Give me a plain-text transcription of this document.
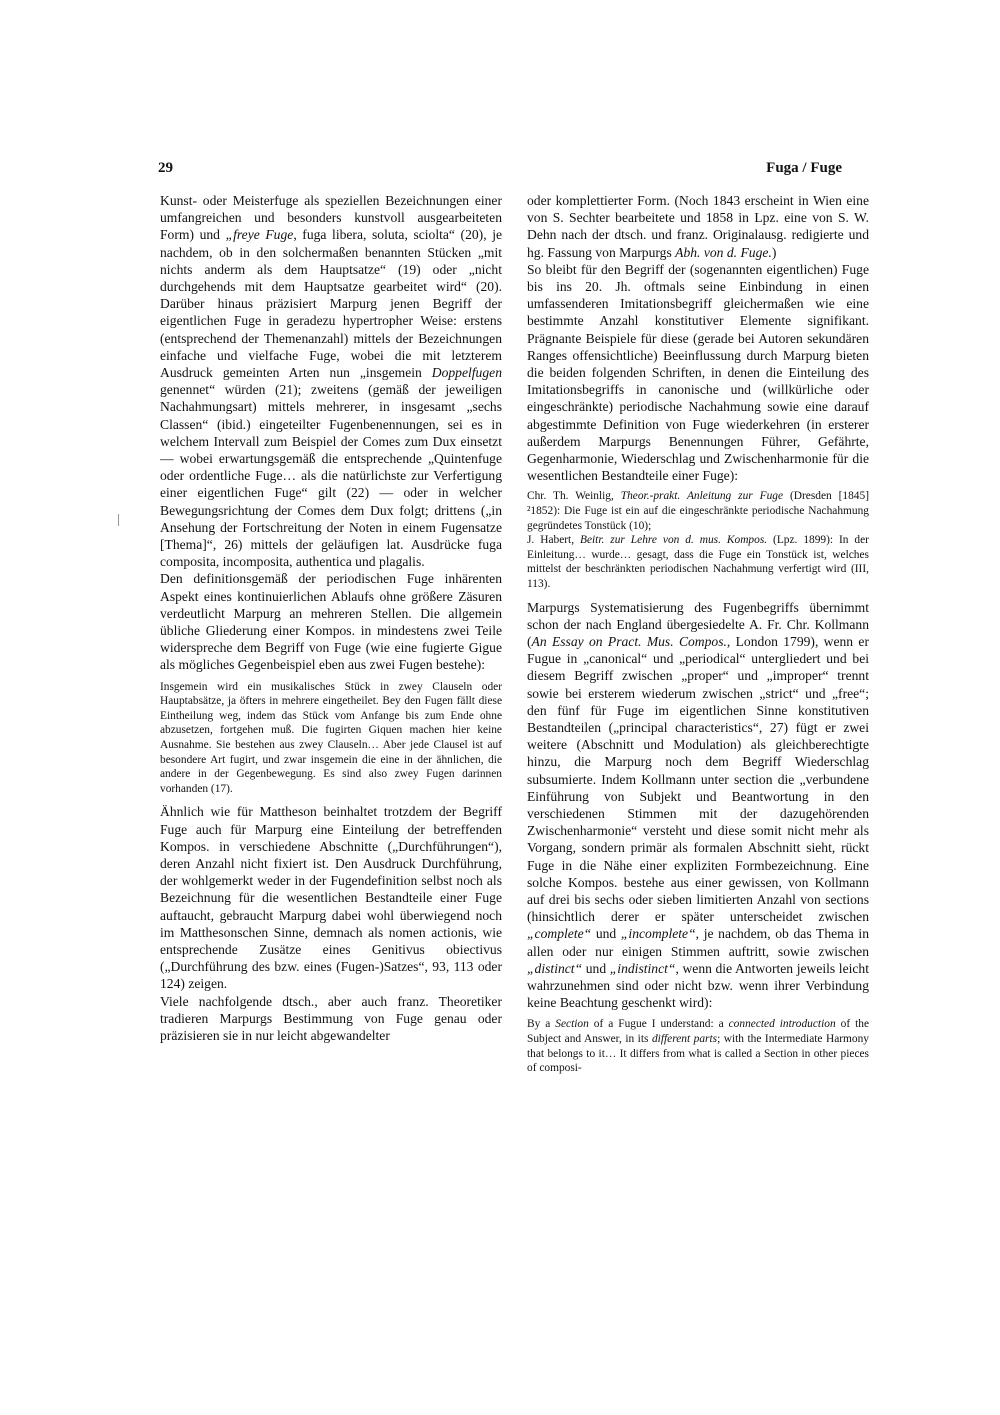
29	Fuga / Fuge

Kunst- oder Meisterfuge als speziellen Bezeichnungen einer umfangreichen und besonders kunstvoll ausgearbeiteten Form) und „freye Fuge, fuga libera, soluta, sciolta“ (20), je nachdem, ob in den solchermaßen benannten Stücken „mit nichts anderm als dem Hauptsatze“ (19) oder „nicht durchgehends mit dem Hauptsatze gearbeitet wird“ (20). Darüber hinaus präzisiert Marpurg jenen Begriff der eigentlichen Fuge in geradezu hypertropher Weise: erstens (entsprechend der Themenanzahl) mittels der Bezeichnungen einfache und vielfache Fuge, wobei die mit letzterem Ausdruck gemeinten Arten nun „insgemein Doppelfugen genennet“ würden (21); zweitens (gemäß der jeweiligen Nachahmungsart) mittels mehrerer, in insgesamt „sechs Classen“ (ibid.) eingeteilter Fugenbenennungen, sei es in welchem Intervall zum Beispiel der Comes zum Dux einsetzt — wobei erwartungsgemäß die entsprechende „Quintenfuge oder ordentliche Fuge… als die natürlichste zur Verfertigung einer eigentlichen Fuge“ gilt (22) — oder in welcher Bewegungsrichtung der Comes dem Dux folgt; drittens („in Ansehung der Fortschreitung der Noten in einem Fugensatze [Thema]“, 26) mittels der geläufigen lat. Ausdrücke fuga composita, incomposita, authentica und plagalis.

Den definitionsgemäß der periodischen Fuge inhärenten Aspekt eines kontinuierlichen Ablaufs ohne größere Zäsuren verdeutlicht Marpurg an mehreren Stellen. Die allgemein übliche Gliederung einer Kompos. in mindestens zwei Teile widerspreche dem Begriff von Fuge (wie eine fugierte Gigue als mögliches Gegenbeispiel eben aus zwei Fugen bestehe):

Insgemein wird ein musikalisches Stück in zwey Clauseln oder Hauptabsätze, ja öfters in mehrere eingetheilet. Bey den Fugen fällt diese Eintheilung weg, indem das Stück vom Anfange bis zum Ende ohne abzusetzen, fortgehen muß. Die fugirten Giquen machen hier keine Ausnahme. Sie bestehen aus zwey Clauseln… Aber jede Clausel ist auf besondere Art fugirt, und zwar insgemein die eine in der ähnlichen, die andere in der Gegenbewegung. Es sind also zwey Fugen darinnen vorhanden (17).

Ähnlich wie für Mattheson beinhaltet trotzdem der Begriff Fuge auch für Marpurg eine Einteilung der betreffenden Kompos. in verschiedene Abschnitte („Durchführungen“), deren Anzahl nicht fixiert ist. Den Ausdruck Durchführung, der wohlgemerkt weder in der Fugendefinition selbst noch als Bezeichnung für die wesentlichen Bestandteile einer Fuge auftaucht, gebraucht Marpurg dabei wohl überwiegend noch im Matthesonschen Sinne, demnach als nomen actionis, wie entsprechende Zusätze eines Genitivus obiectivus („Durchführung des bzw. eines (Fugen-)Satzes“, 93, 113 oder 124) zeigen.

Viele nachfolgende dtsch., aber auch franz. Theoretiker tradieren Marpurgs Bestimmung von Fuge genau oder präzisieren sie in nur leicht abgewandelter

oder komplettierter Form. (Noch 1843 erscheint in Wien eine von S. Sechter bearbeitete und 1858 in Lpz. eine von S. W. Dehn nach der dtsch. und franz. Originalausg. redigierte und hg. Fassung von Marpurgs Abh. von d. Fuge.)

So bleibt für den Begriff der (sogenannten eigentlichen) Fuge bis ins 20. Jh. oftmals seine Einbindung in einen umfassenderen Imitationsbegriff gleichermaßen wie eine bestimmte Anzahl konstitutiver Elemente signifikant. Prägnante Beispiele für diese (gerade bei Autoren sekundären Ranges offensichtliche) Beeinflussung durch Marpurg bieten die beiden folgenden Schriften, in denen die Einteilung des Imitationsbegriffs in canonische und (willkürliche oder eingeschränkte) periodische Nachahmung sowie eine darauf abgestimmte Definition von Fuge wiederkehren (in ersterer außerdem Marpurgs Benennungen Führer, Gefährte, Gegenharmonie, Wiederschlag und Zwischenharmonie für die wesentlichen Bestandteile einer Fuge):

Chr. Th. Weinlig, Theor.-prakt. Anleitung zur Fuge (Dresden [1845] ²1852): Die Fuge ist ein auf die eingeschränkte periodische Nachahmung gegründetes Tonstück (10);

J. Habert, Beitr. zur Lehre von d. mus. Kompos. (Lpz. 1899): In der Einleitung… wurde… gesagt, dass die Fuge ein Tonstück ist, welches mittelst der beschränkten periodischen Nachahmung verfertigt wird (III, 113).

Marpurgs Systematisierung des Fugenbegriffs übernimmt schon der nach England übergesiedelte A. Fr. Chr. Kollmann (An Essay on Pract. Mus. Compos., London 1799), wenn er Fugue in „canonical“ und „periodical“ untergliedert und bei diesem Begriff zwischen „proper“ und „improper“ trennt sowie bei ersterem wiederum zwischen „strict“ und „free“; den fünf für Fuge im eigentlichen Sinne konstitutiven Bestandteilen („principal characteristics“, 27) fügt er zwei weitere (Abschnitt und Modulation) als gleichberechtigte hinzu, die Marpurg noch dem Begriff Wiederschlag subsumierte. Indem Kollmann unter section die „verbundene Einführung von Subjekt und Beantwortung in den verschiedenen Stimmen mit der dazugehörenden Zwischenharmonie“ versteht und diese somit nicht mehr als Vorgang, sondern primär als formalen Abschnitt sieht, rückt Fuge in die Nähe einer expliziten Formbezeichnung. Eine solche Kompos. bestehe aus einer gewissen, von Kollmann auf drei bis sechs oder sieben limitierten Anzahl von sections (hinsichtlich derer er später unterscheidet zwischen „complete“ und „incomplete“, je nachdem, ob das Thema in allen oder nur einigen Stimmen auftritt, sowie zwischen „distinct“ und „indistinct“, wenn die Antworten jeweils leicht wahrzunehmen sind oder nicht bzw. wenn ihrer Verbindung keine Beachtung geschenkt wird):

By a Section of a Fugue I understand: a connected introduction of the Subject and Answer, in its different parts; with the Intermediate Harmony that belongs to it… It differs from what is called a Section in other pieces of composi-
